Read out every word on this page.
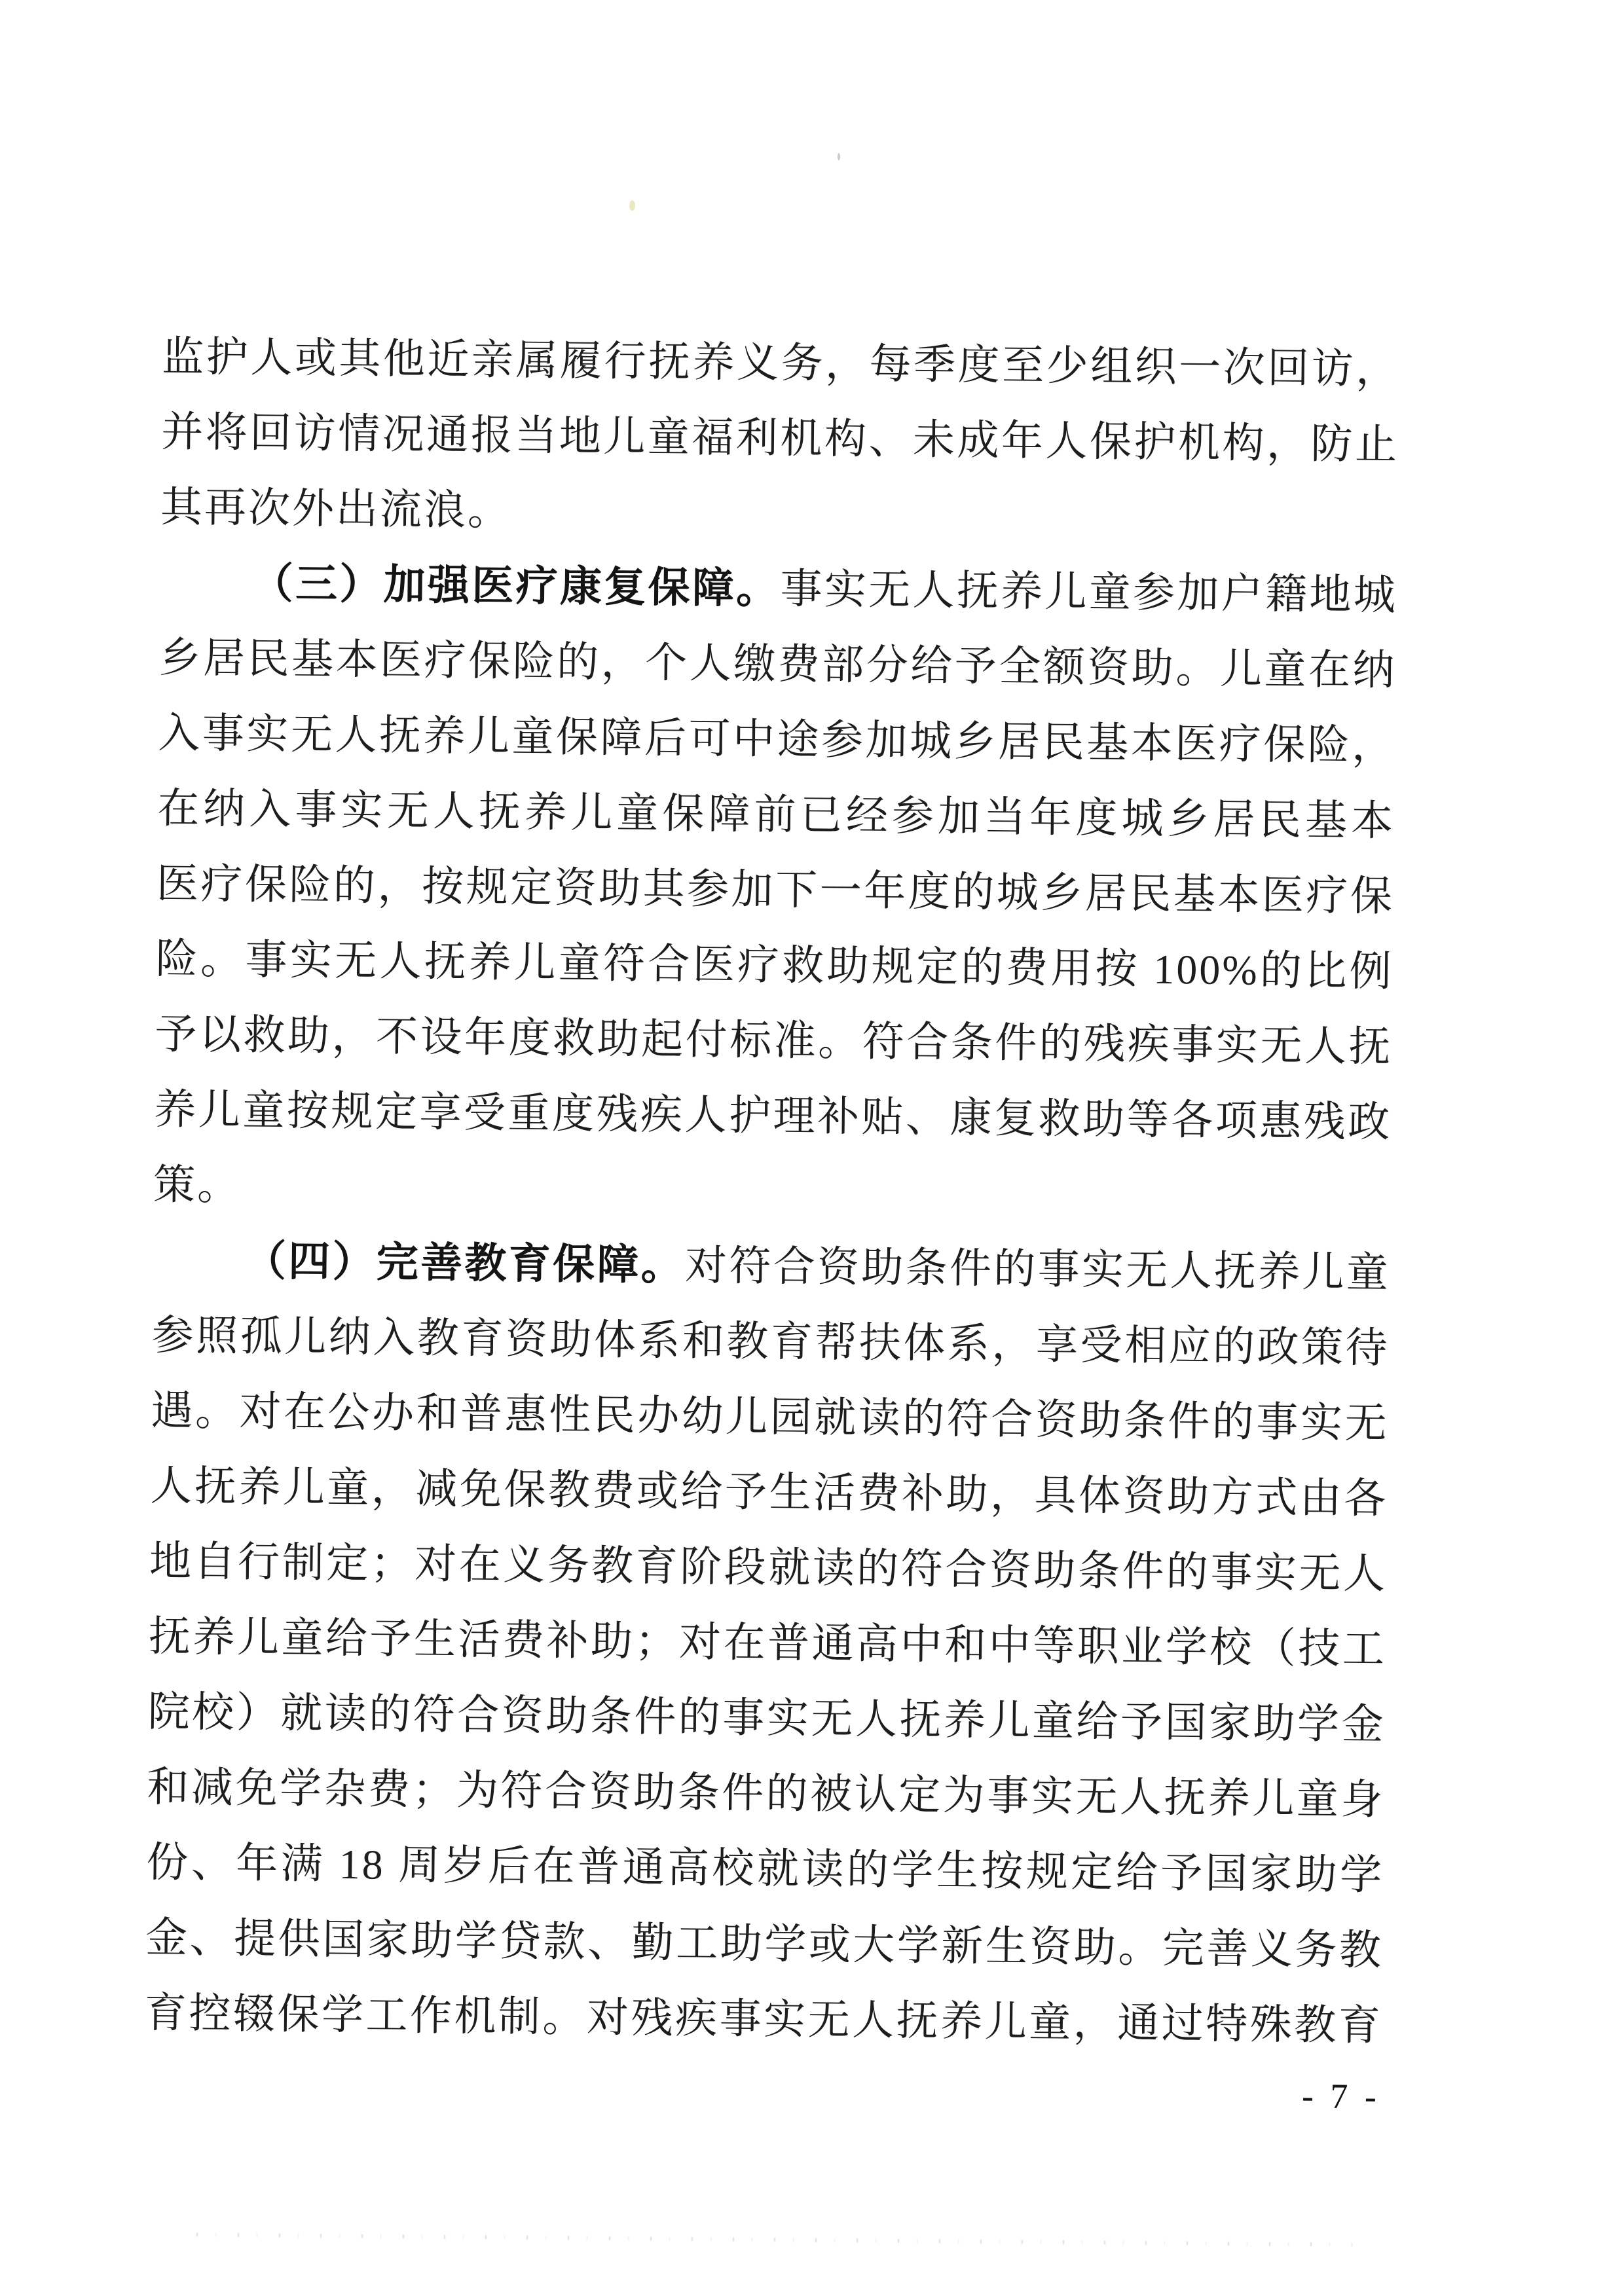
监护人或其他近亲属履行抚养义务，每季度至少组织一次回访，
并将回访情况通报当地儿童福利机构、未成年人保护机构，防止
其再次外出流浪。
（三）加强医疗康复保障。事实无人抚养儿童参加户籍地城
乡居民基本医疗保险的，个人缴费部分给予全额资助。儿童在纳
入事实无人抚养儿童保障后可中途参加城乡居民基本医疗保险，
在纳入事实无人抚养儿童保障前已经参加当年度城乡居民基本
医疗保险的，按规定资助其参加下一年度的城乡居民基本医疗保
险。事实无人抚养儿童符合医疗救助规定的费用按 100%的比例
予以救助，不设年度救助起付标准。符合条件的残疾事实无人抚
养儿童按规定享受重度残疾人护理补贴、康复救助等各项惠残政
策。
（四）完善教育保障。对符合资助条件的事实无人抚养儿童
参照孤儿纳入教育资助体系和教育帮扶体系，享受相应的政策待
遇。对在公办和普惠性民办幼儿园就读的符合资助条件的事实无
人抚养儿童，减免保教费或给予生活费补助，具体资助方式由各
地自行制定；对在义务教育阶段就读的符合资助条件的事实无人
抚养儿童给予生活费补助；对在普通高中和中等职业学校（技工
院校）就读的符合资助条件的事实无人抚养儿童给予国家助学金
和减免学杂费；为符合资助条件的被认定为事实无人抚养儿童身
份、年满 18 周岁后在普通高校就读的学生按规定给予国家助学
金、提供国家助学贷款、勤工助学或大学新生资助。完善义务教
育控辍保学工作机制。对残疾事实无人抚养儿童，通过特殊教育
- 7 -
